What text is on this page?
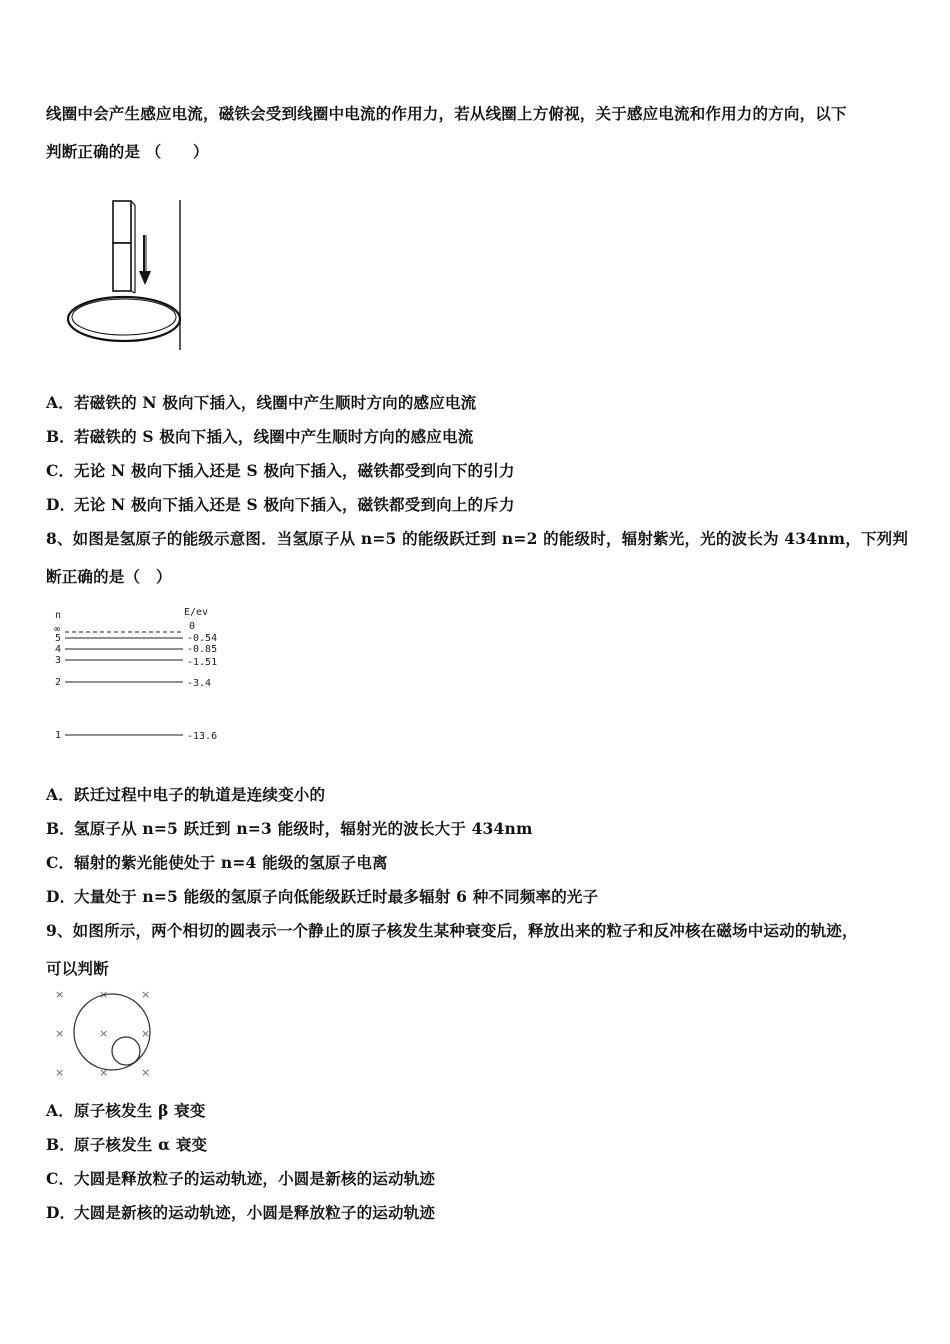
线圈中会产生感应电流，磁铁会受到线圈中电流的作用力，若从线圈上方俯视，关于感应电流和作用力的方向，以下
判断正确的是 （　　）
A．若磁铁的 N 极向下插入，线圈中产生顺时方向的感应电流
B．若磁铁的 S 极向下插入，线圈中产生顺时方向的感应电流
C．无论 N 极向下插入还是 S 极向下插入，磁铁都受到向下的引力
D．无论 N 极向下插入还是 S 极向下插入，磁铁都受到向上的斥力
8、如图是氢原子的能级示意图．当氢原子从 n=5 的能级跃迁到 n=2 的能级时，辐射紫光，光的波长为 434nm，下列判
断正确的是（　）
n	E/ev
∞	0
5	-0.54
4	-0.85
3	-1.51
2	-3.4
1	-13.6
A．跃迁过程中电子的轨道是连续变小的
B．氢原子从 n=5 跃迁到 n=3 能级时，辐射光的波长大于 434nm
C．辐射的紫光能使处于 n=4 能级的氢原子电离
D．大量处于 n=5 能级的氢原子向低能级跃迁时最多辐射 6 种不同频率的光子
9、如图所示，两个相切的圆表示一个静止的原子核发生某种衰变后，释放出来的粒子和反冲核在磁场中运动的轨迹，
可以判断
×	×	×
×	×	×
×	×	×
A．原子核发生 β 衰变
B．原子核发生 α 衰变
C．大圆是释放粒子的运动轨迹，小圆是新核的运动轨迹
D．大圆是新核的运动轨迹，小圆是释放粒子的运动轨迹
